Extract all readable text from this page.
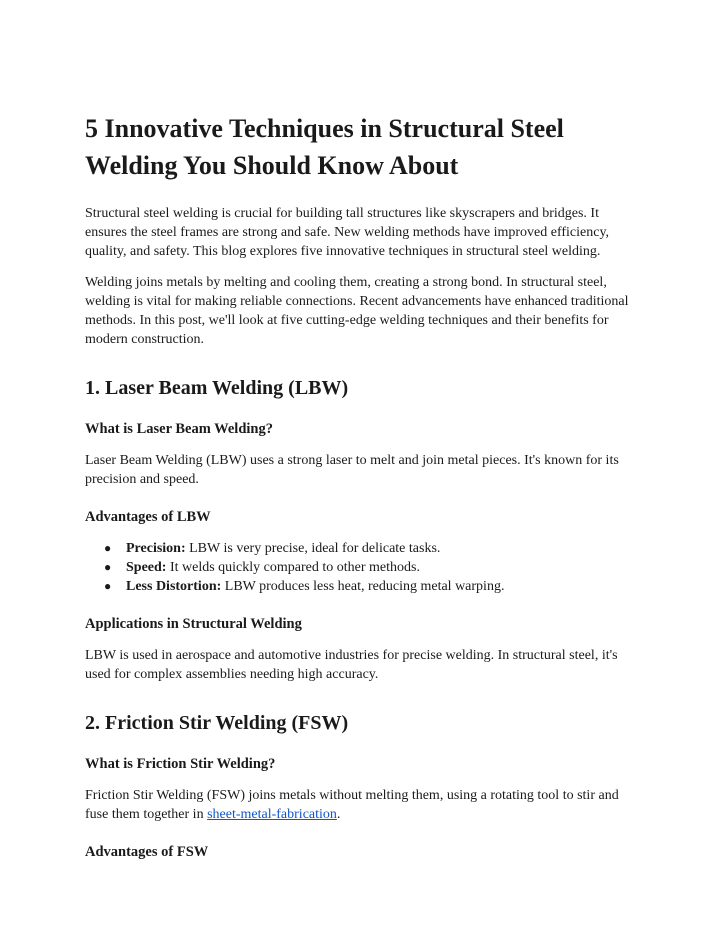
5 Innovative Techniques in Structural Steel Welding You Should Know About

Structural steel welding is crucial for building tall structures like skyscrapers and bridges. It ensures the steel frames are strong and safe. New welding methods have improved efficiency, quality, and safety. This blog explores five innovative techniques in structural steel welding.

Welding joins metals by melting and cooling them, creating a strong bond. In structural steel, welding is vital for making reliable connections. Recent advancements have enhanced traditional methods. In this post, we'll look at five cutting-edge welding techniques and their benefits for modern construction.

1. Laser Beam Welding (LBW)
What is Laser Beam Welding?

Laser Beam Welding (LBW) uses a strong laser to melt and join metal pieces. It's known for its precision and speed.

Advantages of LBW
● Precision: LBW is very precise, ideal for delicate tasks.
● Speed: It welds quickly compared to other methods.
● Less Distortion: LBW produces less heat, reducing metal warping.
Applications in Structural Welding

LBW is used in aerospace and automotive industries for precise welding. In structural steel, it's used for complex assemblies needing high accuracy.

2. Friction Stir Welding (FSW)
What is Friction Stir Welding?

Friction Stir Welding (FSW) joins metals without melting them, using a rotating tool to stir and fuse them together in sheet-metal-fabrication.

Advantages of FSW
